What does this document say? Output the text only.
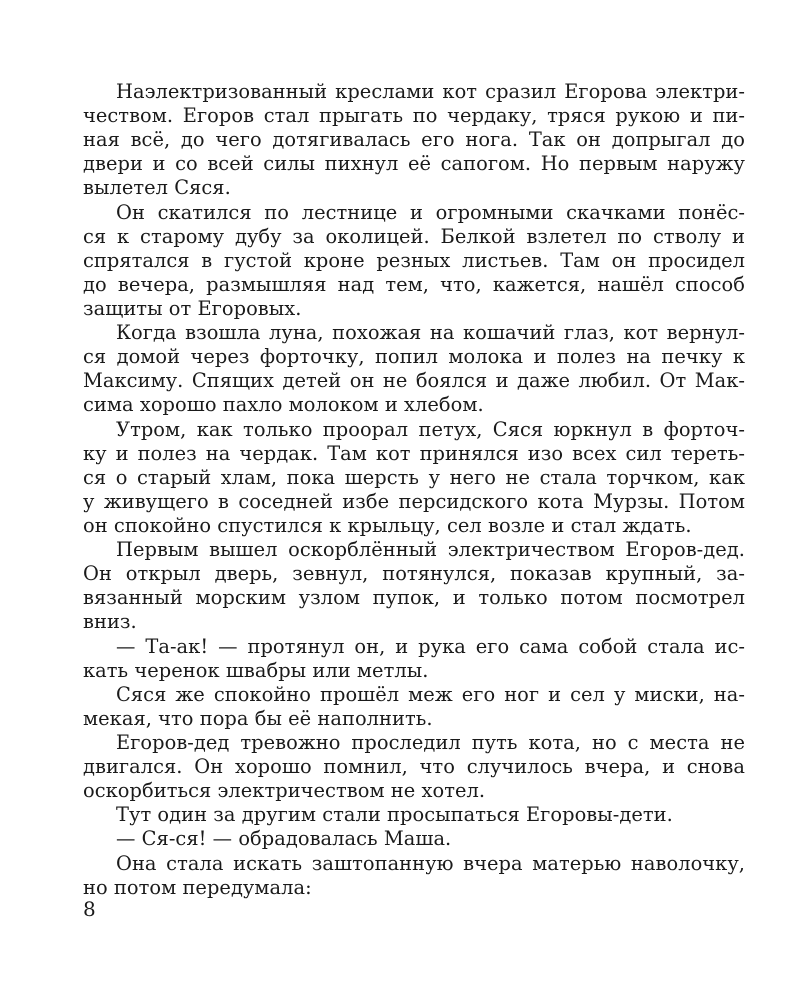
Наэлектризованный креслами кот сразил Егорова электри-
чеством. Егоров стал прыгать по чердаку, тряся рукою и пи-
ная всё, до чего дотягивалась его нога. Так он допрыгал до
двери и со всей силы пихнул её сапогом. Но первым наружу
вылетел Сяся.
Он скатился по лестнице и огромными скачками понёс-
ся к старому дубу за околицей. Белкой взлетел по стволу и
спрятался в густой кроне резных листьев. Там он просидел
до вечера, размышляя над тем, что, кажется, нашёл способ
защиты от Егоровых.
Когда взошла луна, похожая на кошачий глаз, кот вернул-
ся домой через форточку, попил молока и полез на печку к
Максиму. Спящих детей он не боялся и даже любил. От Мак-
сима хорошо пахло молоком и хлебом.
Утром, как только проорал петух, Сяся юркнул в форточ-
ку и полез на чердак. Там кот принялся изо всех сил тереть-
ся о старый хлам, пока шерсть у него не стала торчком, как
у живущего в соседней избе персидского кота Мурзы. Потом
он спокойно спустился к крыльцу, сел возле и стал ждать.
Первым вышел оскорблённый электричеством Егоров-дед.
Он открыл дверь, зевнул, потянулся, показав крупный, за-
вязанный морским узлом пупок, и только потом посмотрел
вниз.
— Та-ак! — протянул он, и рука его сама собой стала ис-
кать черенок швабры или метлы.
Сяся же спокойно прошёл меж его ног и сел у миски, на-
мекая, что пора бы её наполнить.
Егоров-дед тревожно проследил путь кота, но с места не
двигался. Он хорошо помнил, что случилось вчера, и снова
оскорбиться электричеством не хотел.
Тут один за другим стали просыпаться Егоровы-дети.
— Ся-ся! — обрадовалась Маша.
Она стала искать заштопанную вчера матерью наволочку,
но потом передумала:
8
